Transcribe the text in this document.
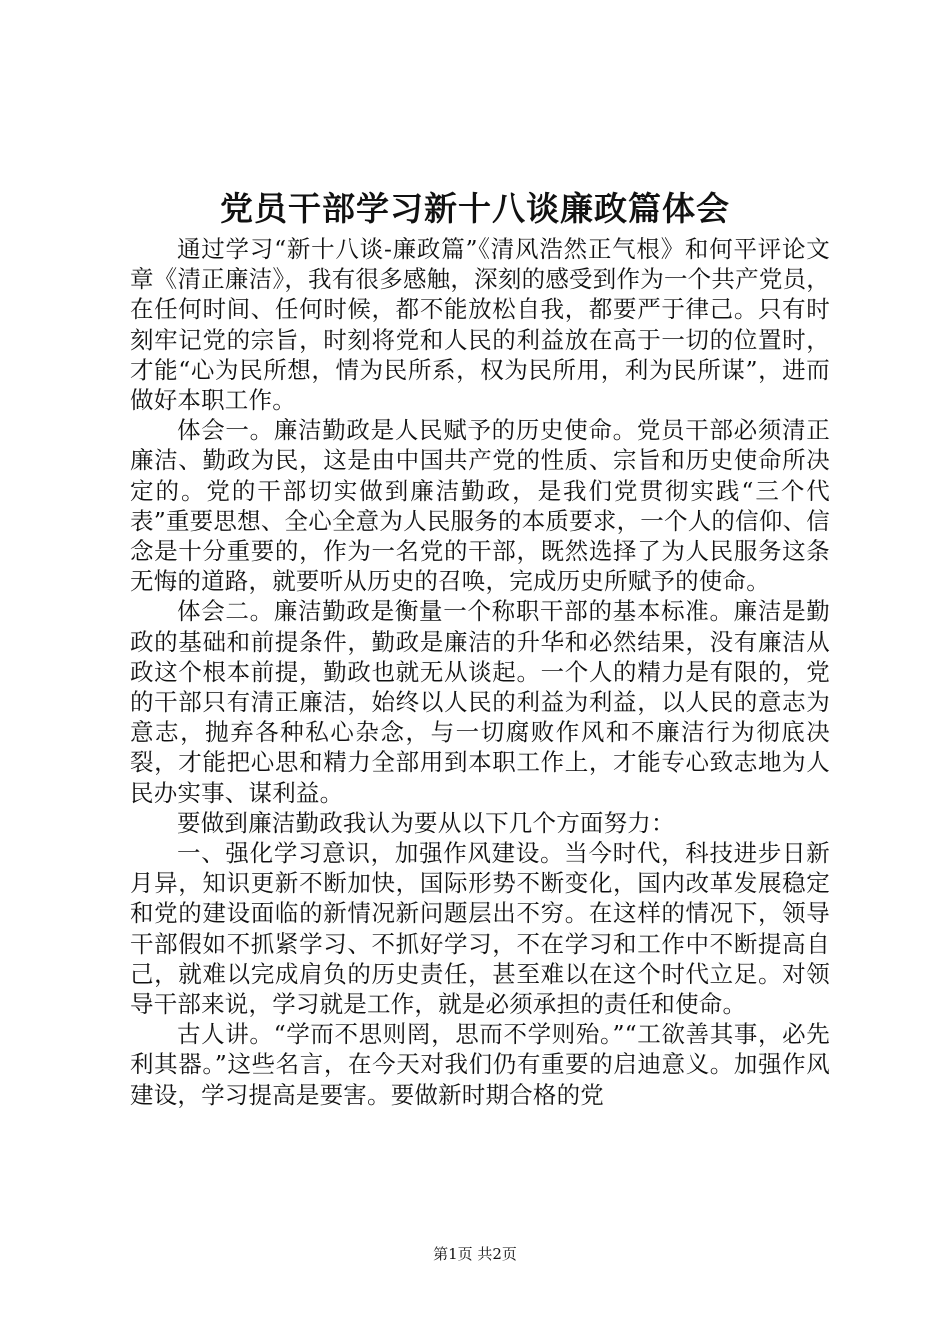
党员干部学习新十八谈廉政篇体会

通过学习“新十八谈-廉政篇”《清风浩然正气根》和何平评论文章《清正廉洁》，我有很多感触，深刻的感受到作为一个共产党员，在任何时间、任何时候，都不能放松自我，都要严于律己。只有时刻牢记党的宗旨，时刻将党和人民的利益放在高于一切的位置时，才能“心为民所想，情为民所系，权为民所用，利为民所谋”，进而做好本职工作。

体会一。廉洁勤政是人民赋予的历史使命。党员干部必须清正廉洁、勤政为民，这是由中国共产党的性质、宗旨和历史使命所决定的。党的干部切实做到廉洁勤政，是我们党贯彻实践“三个代表”重要思想、全心全意为人民服务的本质要求，一个人的信仰、信念是十分重要的，作为一名党的干部，既然选择了为人民服务这条无悔的道路，就要听从历史的召唤，完成历史所赋予的使命。

体会二。廉洁勤政是衡量一个称职干部的基本标准。廉洁是勤政的基础和前提条件，勤政是廉洁的升华和必然结果，没有廉洁从政这个根本前提，勤政也就无从谈起。一个人的精力是有限的，党的干部只有清正廉洁，始终以人民的利益为利益，以人民的意志为意志，抛弃各种私心杂念，与一切腐败作风和不廉洁行为彻底决裂，才能把心思和精力全部用到本职工作上，才能专心致志地为人民办实事、谋利益。

要做到廉洁勤政我认为要从以下几个方面努力：

一、强化学习意识，加强作风建设。当今时代，科技进步日新月异，知识更新不断加快，国际形势不断变化，国内改革发展稳定和党的建设面临的新情况新问题层出不穷。在这样的情况下，领导干部假如不抓紧学习、不抓好学习，不在学习和工作中不断提高自己，就难以完成肩负的历史责任，甚至难以在这个时代立足。对领导干部来说，学习就是工作，就是必须承担的责任和使命。

古人讲。“学而不思则罔，思而不学则殆。”“工欲善其事，必先利其器。”这些名言，在今天对我们仍有重要的启迪意义。加强作风建设，学习提高是要害。要做新时期合格的党

第1页 共2页
